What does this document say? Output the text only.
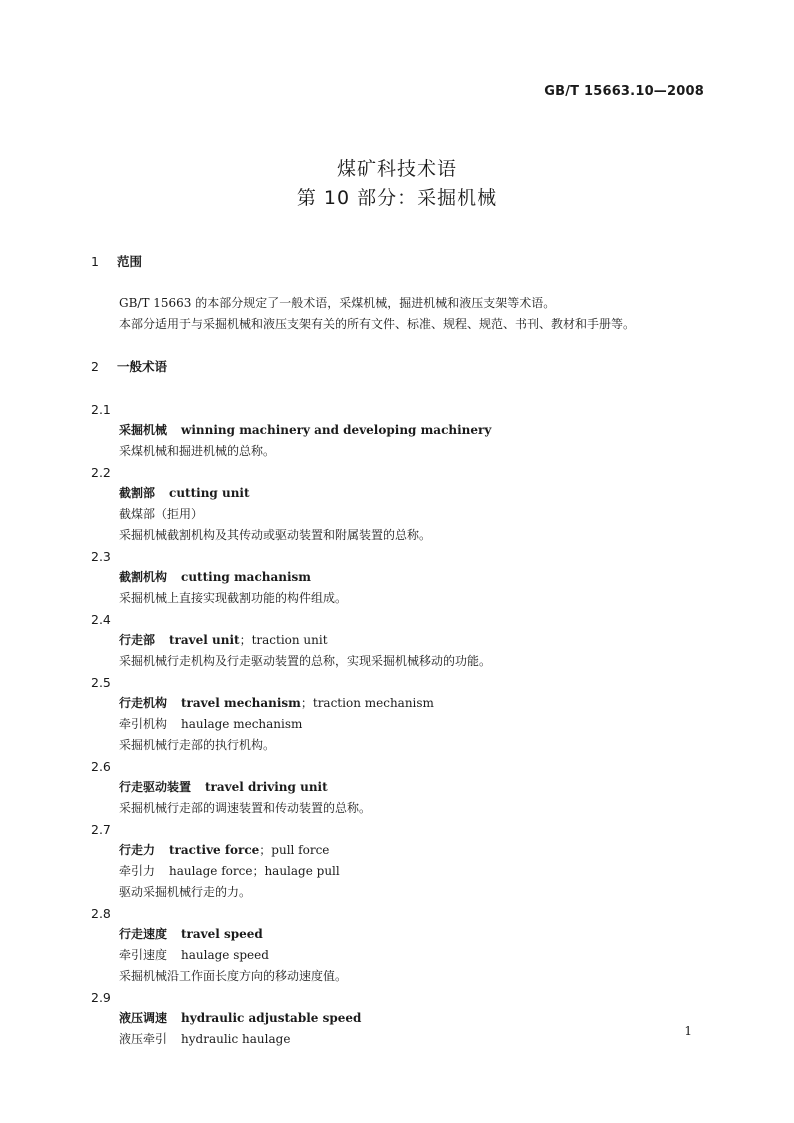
GB/T 15663.10—2008
煤矿科技术语
第 10 部分：采掘机械
1 范围
GB/T 15663 的本部分规定了一般术语，采煤机械，掘进机械和液压支架等术语。
本部分适用于与采掘机械和液压支架有关的所有文件、标准、规程、规范、书刊、教材和手册等。
2 一般术语
2.1
采掘机械 winning machinery and developing machinery
采煤机械和掘进机械的总称。
2.2
截割部 cutting unit
截煤部（拒用）
采掘机械截割机构及其传动或驱动装置和附属装置的总称。
2.3
截割机构 cutting machanism
采掘机械上直接实现截割功能的构件组成。
2.4
行走部 travel unit；traction unit
采掘机械行走机构及行走驱动装置的总称，实现采掘机械移动的功能。
2.5
行走机构 travel mechanism；traction mechanism
牵引机构 haulage mechanism
采掘机械行走部的执行机构。
2.6
行走驱动装置 travel driving unit
采掘机械行走部的调速装置和传动装置的总称。
2.7
行走力 tractive force；pull force
牵引力 haulage force；haulage pull
驱动采掘机械行走的力。
2.8
行走速度 travel speed
牵引速度 haulage speed
采掘机械沿工作面长度方向的移动速度值。
2.9
液压调速 hydraulic adjustable speed
液压牵引 hydraulic haulage
1
